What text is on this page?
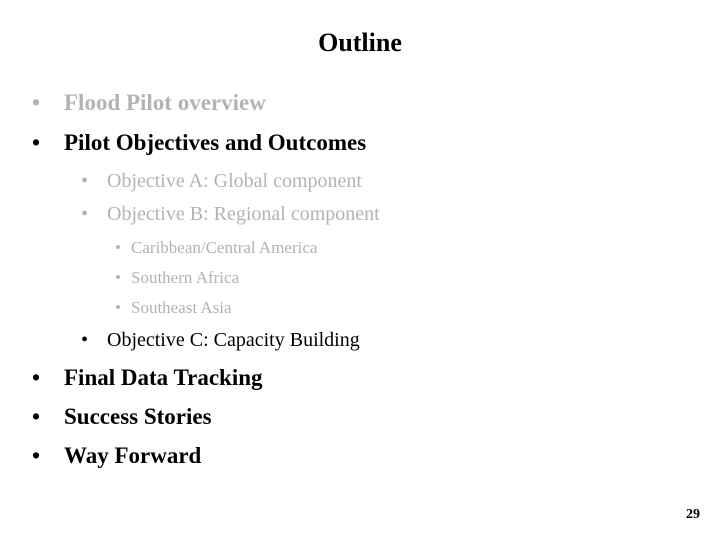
Outline
• Flood Pilot overview
• Pilot Objectives and Outcomes
• Objective A: Global component
• Objective B: Regional component
• Caribbean/Central America
• Southern Africa
• Southeast Asia
• Objective C: Capacity Building
• Final Data Tracking
• Success Stories
• Way Forward
29
